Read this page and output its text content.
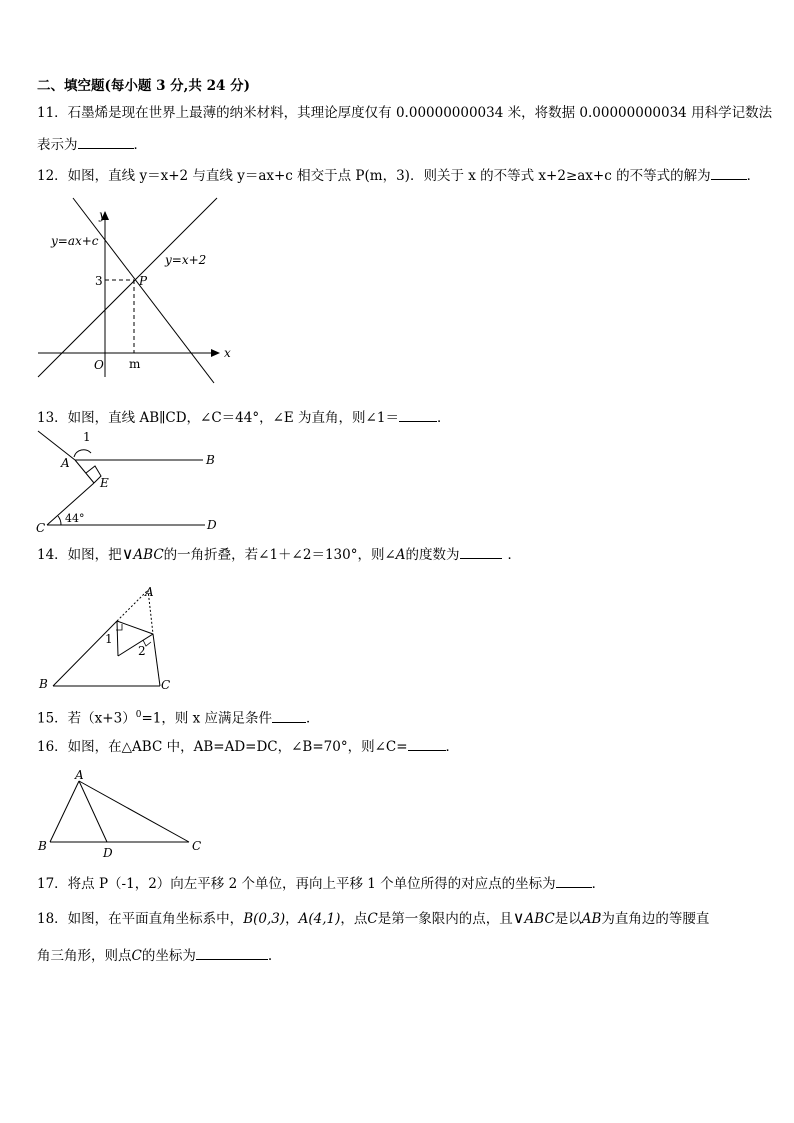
二、填空题(每小题 3 分,共 24 分)
11．石墨烯是现在世界上最薄的纳米材料，其理论厚度仅有 0.00000000034 米，将数据 0.00000000034 用科学记数法
表示为	．
12．如图，直线 y＝x+2 与直线 y＝ax+c 相交于点 P(m，3)．则关于 x 的不等式 x+2≥ax+c 的不等式的解为	．
y=ax+c
y=x+2
y
x
O m
3	P
13．如图，直线 AB∥CD，∠C＝44°，∠E 为直角，则∠1＝	．
1
A	B
E
C	D
44°
14．如图，把∨ABC的一角折叠，若∠1＋∠2＝130°，则∠A的度数为	．
A
B	C
1
2
15．若$(x+3)^0=1$，则 x 应满足条件	．
16．如图，在△ABC 中，AB=AD=DC，∠B=70°，则∠C=	．
A
B	D	C
17．将点 P（-1，2）向左平移 2 个单位，再向上平移 1 个单位所得的对应点的坐标为	．
18．如图，在平面直角坐标系中，B(0,3)，A(4,1)，点C是第一象限内的点，且∨ABC是以AB为直角边的等腰直
角三角形，则点C的坐标为	.
